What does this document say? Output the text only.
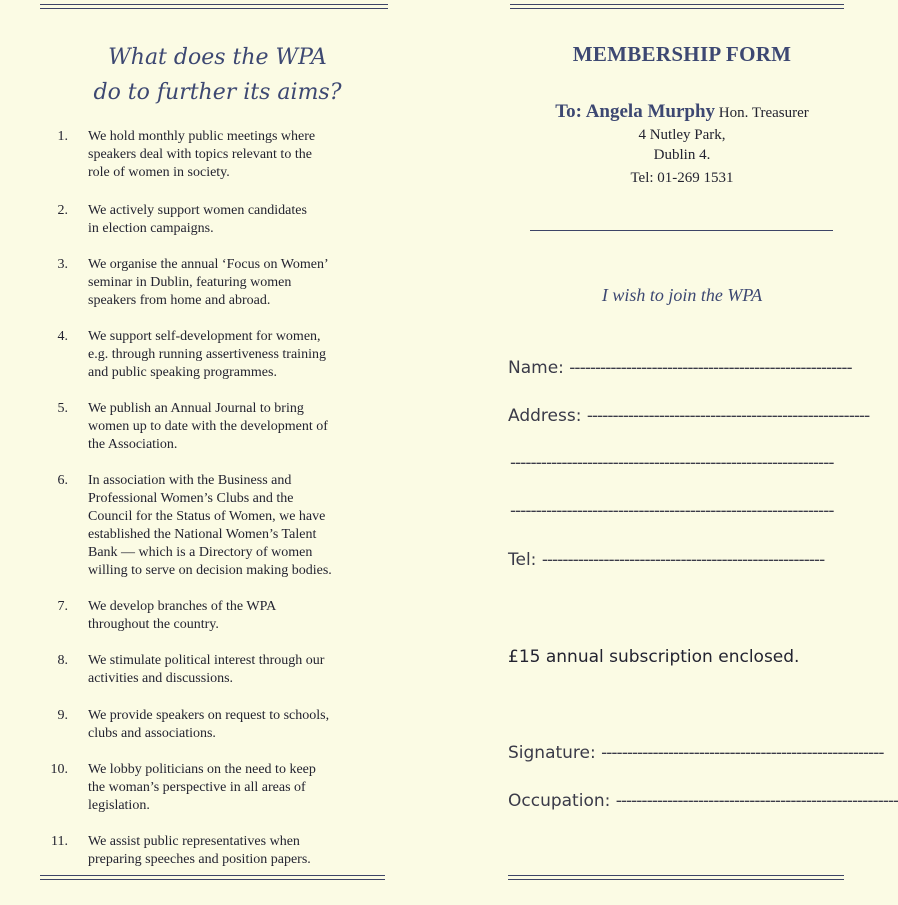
What does the WPA
do to further its aims?
1. We hold monthly public meetings where
speakers deal with topics relevant to the
role of women in society.
2. We actively support women candidates
in election campaigns.
3. We organise the annual ‘Focus on Women’
seminar in Dublin, featuring women
speakers from home and abroad.
4. We support self-development for women,
e.g. through running assertiveness training
and public speaking programmes.
5. We publish an Annual Journal to bring
women up to date with the development of
the Association.
6. In association with the Business and
Professional Women’s Clubs and the
Council for the Status of Women, we have
established the National Women’s Talent
Bank — which is a Directory of women
willing to serve on decision making bodies.
7. We develop branches of the WPA
throughout the country.
8. We stimulate political interest through our
activities and discussions.
9. We provide speakers on request to schools,
clubs and associations.
10. We lobby politicians on the need to keep
the woman’s perspective in all areas of
legislation.
11. We assist public representatives when
preparing speeches and position papers.
MEMBERSHIP FORM
To: Angela Murphy Hon. Treasurer
4 Nutley Park,
Dublin 4.
Tel: 01-269 1531
I wish to join the WPA
Name: -------------------------------------------------------
Address: -------------------------------------------------------
---------------------------------------------------------------
---------------------------------------------------------------
Tel: -------------------------------------------------------
£15 annual subscription enclosed.
Signature: -------------------------------------------------------
Occupation: -------------------------------------------------------
